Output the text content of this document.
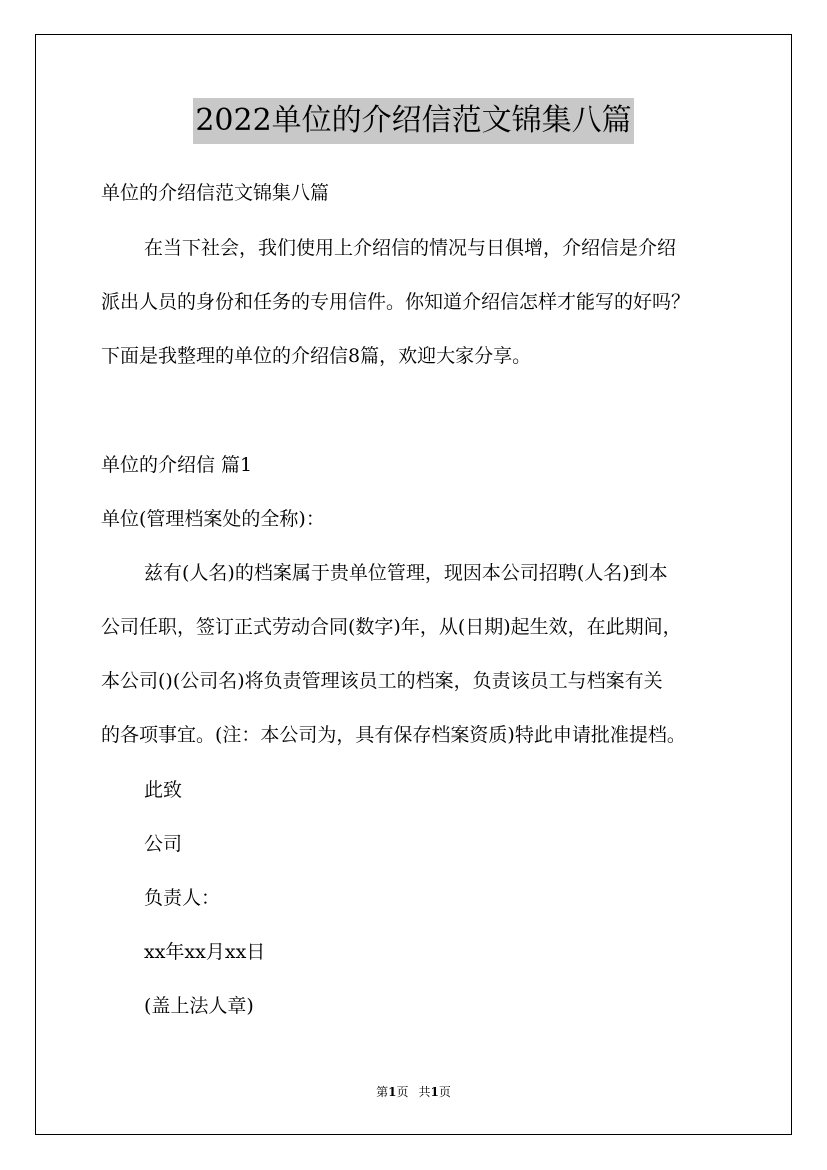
2022单位的介绍信范文锦集八篇
单位的介绍信范文锦集八篇
在当下社会，我们使用上介绍信的情况与日俱增，介绍信是介绍
派出人员的身份和任务的专用信件。你知道介绍信怎样才能写的好吗？
下面是我整理的单位的介绍信8篇，欢迎大家分享。
单位的介绍信 篇1
单位(管理档案处的全称)：
兹有(人名)的档案属于贵单位管理，现因本公司招聘(人名)到本
公司任职，签订正式劳动合同(数字)年，从(日期)起生效，在此期间，
本公司()(公司名)将负责管理该员工的档案，负责该员工与档案有关
的各项事宜。(注：本公司为，具有保存档案资质)特此申请批准提档。
此致
公司
负责人：
xx年xx月xx日
(盖上法人章)
第1页 共1页
